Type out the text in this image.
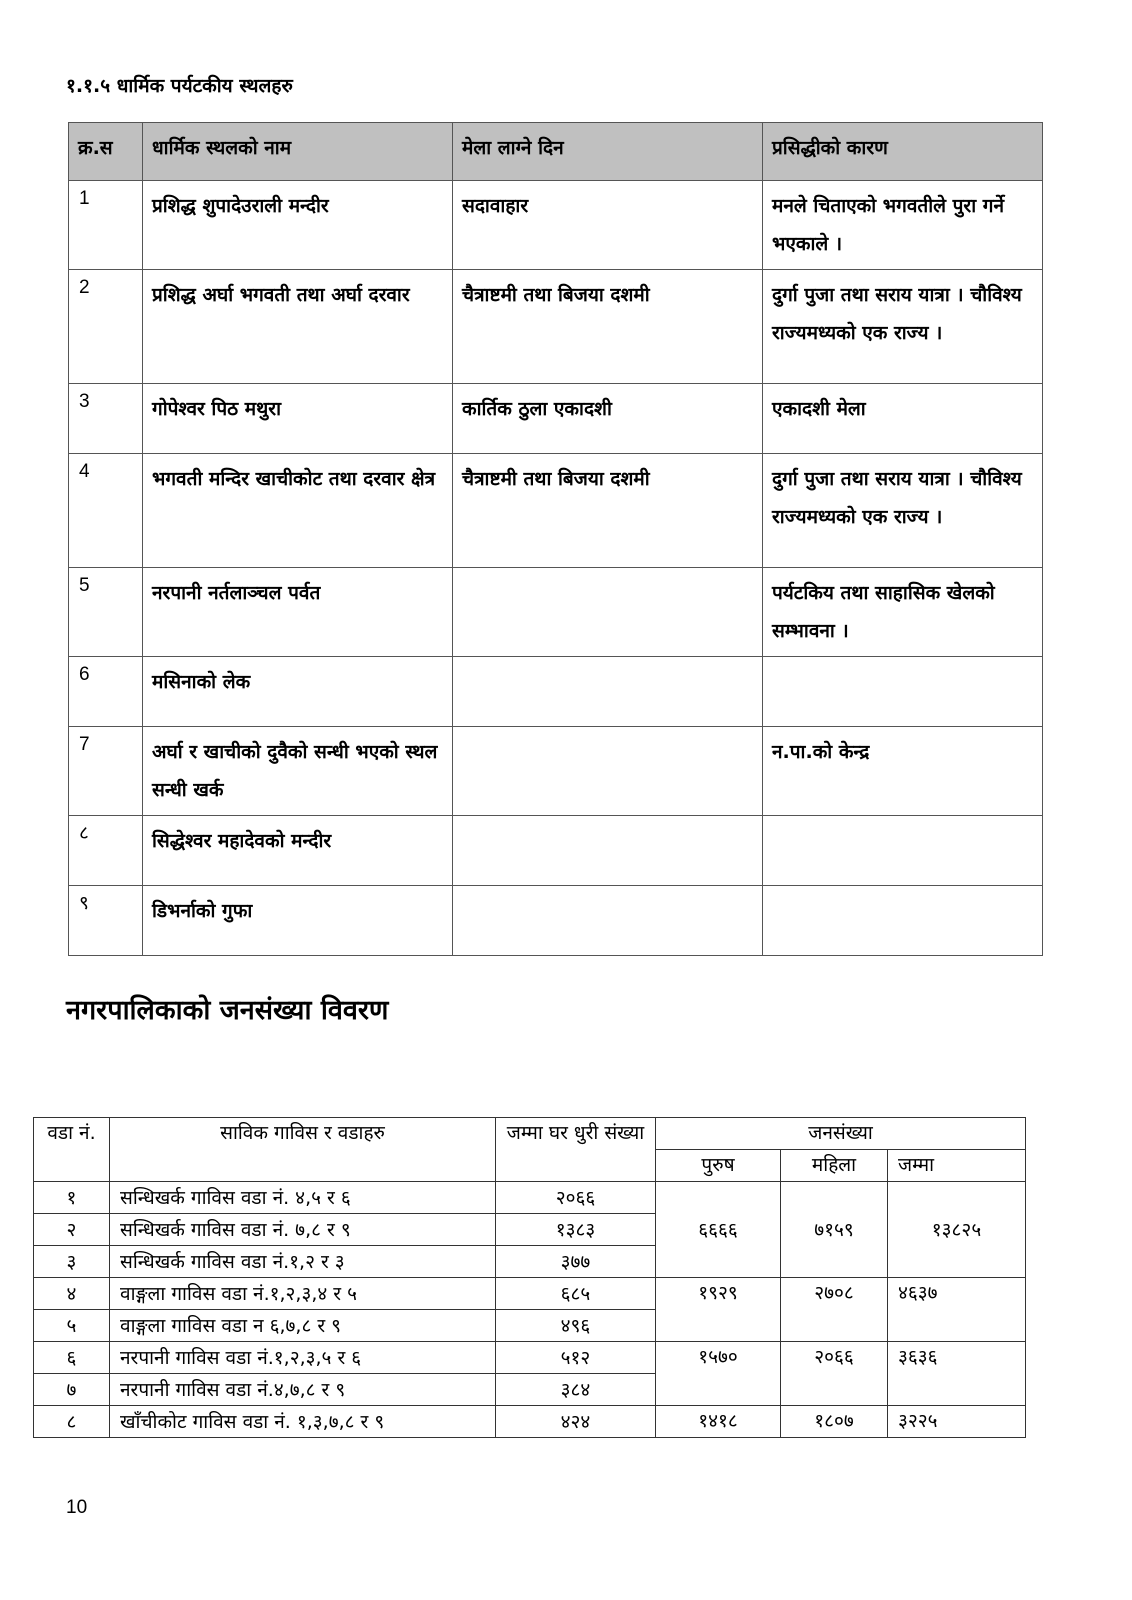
१.१.५ धार्मिक पर्यटकीय स्थलहरु
क्र.स	धार्मिक स्थलको नाम	मेला लाग्ने दिन	प्रसिद्धीको कारण
1	प्रशिद्ध शुपादेउराली मन्दीर	सदावाहार	मनले चिताएको भगवतीले पुरा गर्ने भएकाले ।
2	प्रशिद्ध अर्घा भगवती तथा अर्घा दरवार	चैत्राष्टमी तथा बिजया दशमी	दुर्गा पुजा तथा सराय यात्रा । चौविश्य राज्यमध्यको एक राज्य ।
3	गोपेश्वर पिठ मथुरा	कार्तिक ठुला एकादशी	एकादशी मेला
4	भगवती मन्दिर खाचीकोट तथा दरवार क्षेत्र	चैत्राष्टमी तथा बिजया दशमी	दुर्गा पुजा तथा सराय यात्रा । चौविश्य राज्यमध्यको एक राज्य ।
5	नरपानी नर्तलाञ्चल पर्वत		पर्यटकिय तथा साहासिक खेलको सम्भावना ।
6	मसिनाको लेक		
7	अर्घा र खाचीको दुवैको सन्धी भएको स्थल सन्धी खर्क		न.पा.को केन्द्र
८	सिद्धेश्वर महादेवको मन्दीर		
९	डिभर्नाको गुफा		
नगरपालिकाको जनसंख्या विवरण
वडा नं.	साविक गाविस र वडाहरु	जम्मा घर धुरी संख्या	जनसंख्या		
			पुरुष	महिला	जम्मा
१	सन्धिखर्क गाविस वडा नं. ४,५ र ६	२०६६	६६६६	७१५९	१३८२५
२	सन्धिखर्क गाविस वडा नं. ७,८ र ९	१३८३			
३	सन्धिखर्क गाविस वडा नं.१,२ र ३	३७७			
४	वाङ्गला गाविस वडा नं.१,२,३,४ र ५	६८५	१९२९	२७०८	४६३७
५	वाङ्गला गाविस वडा न ६,७,८ र ९	४९६			
६	नरपानी गाविस वडा नं.१,२,३,५ र ६	५१२	१५७०	२०६६	३६३६
७	नरपानी गाविस वडा नं.४,७,८ र ९	३८४			
८	खाँचीकोट गाविस वडा नं. १,३,७,८ र ९	४२४	१४१८	१८०७	३२२५
10
